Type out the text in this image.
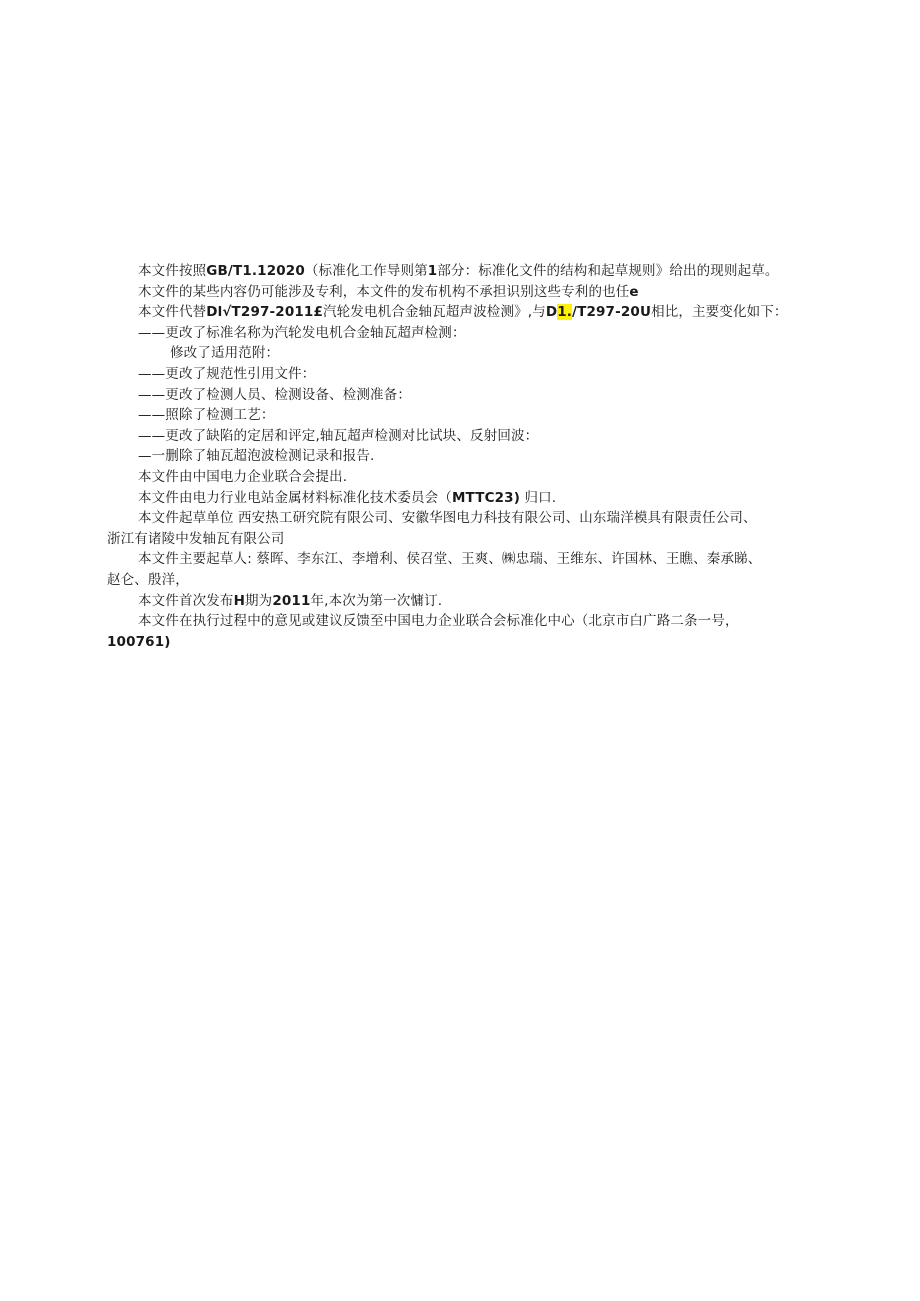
本文件按照GB/T1.12020（标准化工作导则第1部分：标准化文件的结构和起草规则》给出的现则起草。
木文件的某些内容仍可能涉及专利，本文件的发布机构不承担识别这些专利的也任e
本文件代替Dl√T297-2011£汽轮发电机合金轴瓦超声波检测》,与D1./T297-20U相比，主要变化如下：
——更改了标准名称为汽轮发电机合金轴瓦超声检测：
修改了适用范附：
——更改了规范性引用文件：
——更改了检测人员、检测设备、检测准备：
——照除了检测工艺：
——更改了缺陷的定居和评定,轴瓦超声检测对比试块、反射回波：
—一删除了轴瓦超泡波检测记录和报告.
本文件由中国电力企业联合会提出.
本文件由电力行业电站金属材料标准化技术委员会（MTTC23) 归口.
本文件起草单位 西安热工研究院有限公司、安徽华图电力科技有限公司、山东瑞洋模具有限责任公司、
浙江有诸陵中发轴瓦有限公司
本文件主要起草人: 蔡晖、李东江、李增利、侯召堂、王爽、㈱忠瑞、王维东、许国林、王瞧、秦承睇、
赵仑、殷洋，
本文件首次发布H期为2011年,本次为第一次慵订.
本文件在执行过程中的意见或建议反馈至中国电力企业联合会标准化中心（北京市白广路二条一号，
100761)
